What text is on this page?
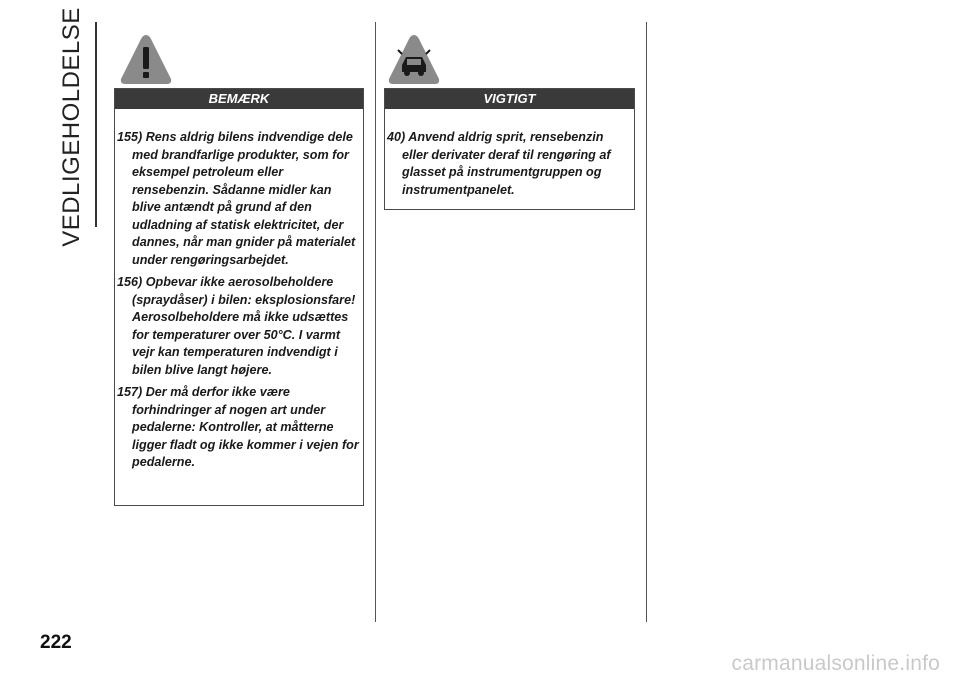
VEDLIGEHOLDELSE	BEMÆRK
155) Rens aldrig bilens indvendige dele med brandfarlige produkter, som for eksempel petroleum eller rensebenzin. Sådanne midler kan blive antændt på grund af den udladning af statisk elektricitet, der dannes, når man gnider på materialet under rengøringsarbejdet.
156) Opbevar ikke aerosolbeholdere (spraydåser) i bilen: eksplosionsfare! Aerosolbeholdere må ikke udsættes for temperaturer over 50°C. I varmt vejr kan temperaturen indvendigt i bilen blive langt højere.
157) Der må derfor ikke være forhindringer af nogen art under pedalerne: Kontroller, at måtterne ligger fladt og ikke kommer i vejen for pedalerne.
VIGTIGT
40) Anvend aldrig sprit, rensebenzin eller derivater deraf til rengøring af glasset på instrumentgruppen og instrumentpanelet.
222
carmanualsonline.info
